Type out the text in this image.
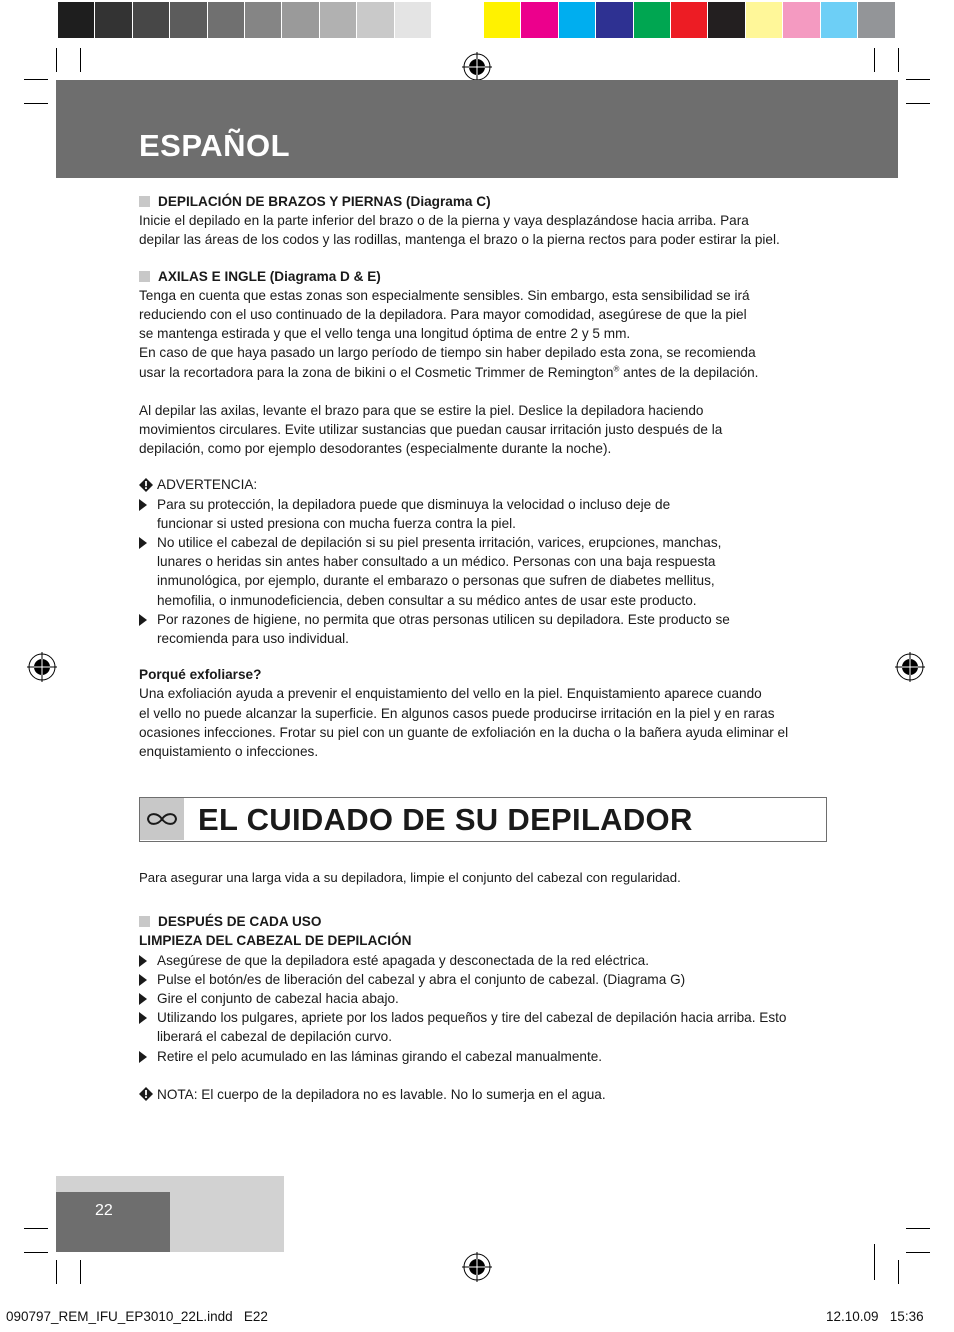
ESPAÑOL
DEPILACIÓN DE BRAZOS Y PIERNAS (Diagrama C)

Inicie el depilado en la parte inferior del brazo o de la pierna y vaya desplazándose hacia arriba. Para

depilar las áreas de los codos y las rodillas, mantenga el brazo o la pierna rectos para poder estirar la piel.

AXILAS E INGLE (Diagrama D & E)

Tenga en cuenta que estas zonas son especialmente sensibles. Sin embargo, esta sensibilidad se irá

reduciendo con el uso continuado de la depiladora. Para mayor comodidad, asegúrese de que la piel

se mantenga estirada y que el vello tenga una longitud óptima de entre 2 y 5 mm.

En caso de que haya pasado un largo período de tiempo sin haber depilado esta zona, se recomienda

usar la recortadora para la zona de bikini o el Cosmetic Trimmer de Remington® antes de la depilación.

Al depilar las axilas, levante el brazo para que se estire la piel. Deslice la depiladora haciendo

movimientos circulares. Evite utilizar sustancias que puedan causar irritación justo después de la

depilación, como por ejemplo desodorantes (especialmente durante la noche).

ADVERTENCIA:
Para su protección, la depiladora puede que disminuya la velocidad o incluso deje de
funcionar si usted presiona con mucha fuerza contra la piel.
No utilice el cabezal de depilación si su piel presenta irritación, varices, erupciones, manchas,
lunares o heridas sin antes haber consultado a un médico. Personas con una baja respuesta
inmunológica, por ejemplo, durante el embarazo o personas que sufren de diabetes mellitus,
hemofilia, o inmunodeficiencia, deben consultar a su médico antes de usar este producto.
Por razones de higiene, no permita que otras personas utilicen su depiladora. Este producto se
recomienda para uso individual.

Porqué exfoliarse?

Una exfoliación ayuda a prevenir el enquistamiento del vello en la piel. Enquistamiento aparece cuando

el vello no puede alcanzar la superficie. En algunos casos puede producirse irritación en la piel y en raras

ocasiones infecciones. Frotar su piel con un guante de exfoliación en la ducha o la bañera ayuda eliminar el

enquistamiento o infecciones.

EL CUIDADO DE SU DEPILADOR

Para asegurar una larga vida a su depiladora, limpie el conjunto del cabezal con regularidad.

DESPUÉS DE CADA USO

LIMPIEZA DEL CABEZAL DE DEPILACIÓN

Asegúrese de que la depiladora esté apagada y desconectada de la red eléctrica.
Pulse el botón/es de liberación del cabezal y abra el conjunto de cabezal. (Diagrama G)
Gire el conjunto de cabezal hacia abajo.
Utilizando los pulgares, apriete por los lados pequeños y tire del cabezal de depilación hacia arriba. Esto
liberará el cabezal de depilación curvo.
Retire el pelo acumulado en las láminas girando el cabezal manualmente.
NOTA: El cuerpo de la depiladora no es lavable. No lo sumerja en el agua.
22
090797_REM_IFU_EP3010_22L.indd   E22	12.10.09   15:36
